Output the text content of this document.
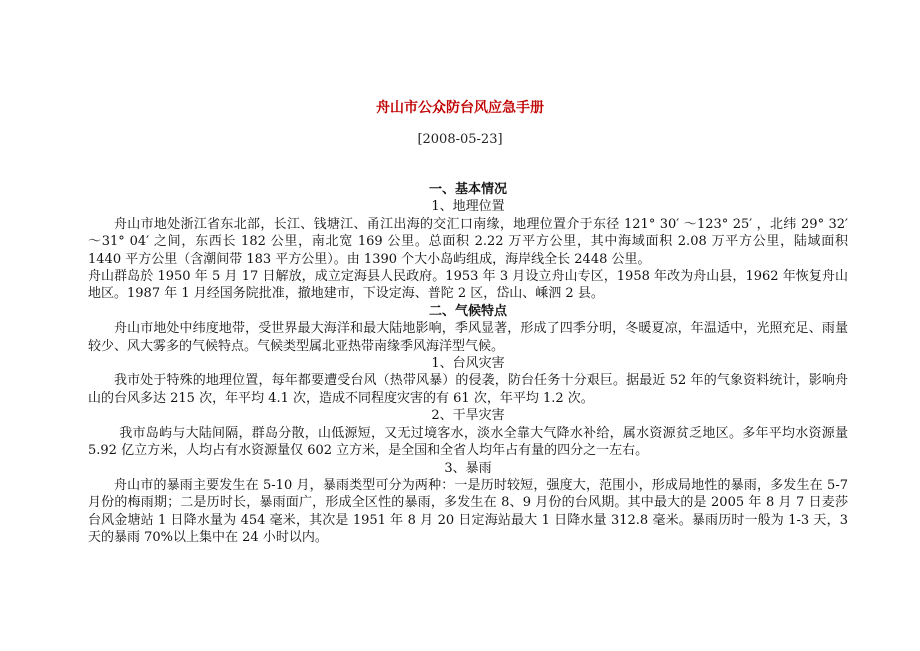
舟山市公众防台风应急手册
[2008-05-23]
一、基本情况
1、地理位置
舟山市地处浙江省东北部，长江、钱塘江、甬江出海的交汇口南缘，地理位置介于东径 121° 30′ ～123° 25′ ，北纬 29° 32′ ～31° 04′ 之间，东西长 182 公里，南北宽 169 公里。总面积 2.22 万平方公里，其中海域面积 2.08 万平方公里，陆域面积 1440 平方公里（含潮间带 183 平方公里）。由 1390 个大小岛屿组成，海岸线全长 2448 公里。
舟山群岛於 1950 年 5 月 17 日解放，成立定海县人民政府。1953 年 3 月设立舟山专区，1958 年改为舟山县，1962 年恢复舟山地区。1987 年 1 月经国务院批准，撤地建市，下设定海、普陀 2 区，岱山、嵊泗 2 县。
二、气候特点
舟山市地处中纬度地带，受世界最大海洋和最大陆地影响，季风显著，形成了四季分明，冬暖夏凉，年温适中，光照充足、雨量较少、风大雾多的气候特点。气候类型属北亚热带南缘季风海洋型气候。
1、台风灾害
我市处于特殊的地理位置，每年都要遭受台风（热带风暴）的侵袭，防台任务十分艰巨。据最近 52 年的气象资料统计，影响舟山的台风多达 215 次，年平均 4.1 次，造成不同程度灾害的有 61 次，年平均 1.2 次。
2、干旱灾害
我市岛屿与大陆间隔，群岛分散，山低源短，又无过境客水，淡水全靠大气降水补给，属水资源贫乏地区。多年平均水资源量 5.92 亿立方米，人均占有水资源量仅 602 立方米，是全国和全省人均年占有量的四分之一左右。
3、暴雨
舟山市的暴雨主要发生在 5-10 月，暴雨类型可分为两种：一是历时较短，强度大，范围小，形成局地性的暴雨，多发生在 5-7 月份的梅雨期；二是历时长，暴雨面广，形成全区性的暴雨，多发生在 8、9 月份的台风期。其中最大的是 2005 年 8 月 7 日麦莎台风金塘站 1 日降水量为 454 毫米，其次是 1951 年 8 月 20 日定海站最大 1 日降水量 312.8 毫米。暴雨历时一般为 1-3 天，3 天的暴雨 70%以上集中在 24 小时以内。
